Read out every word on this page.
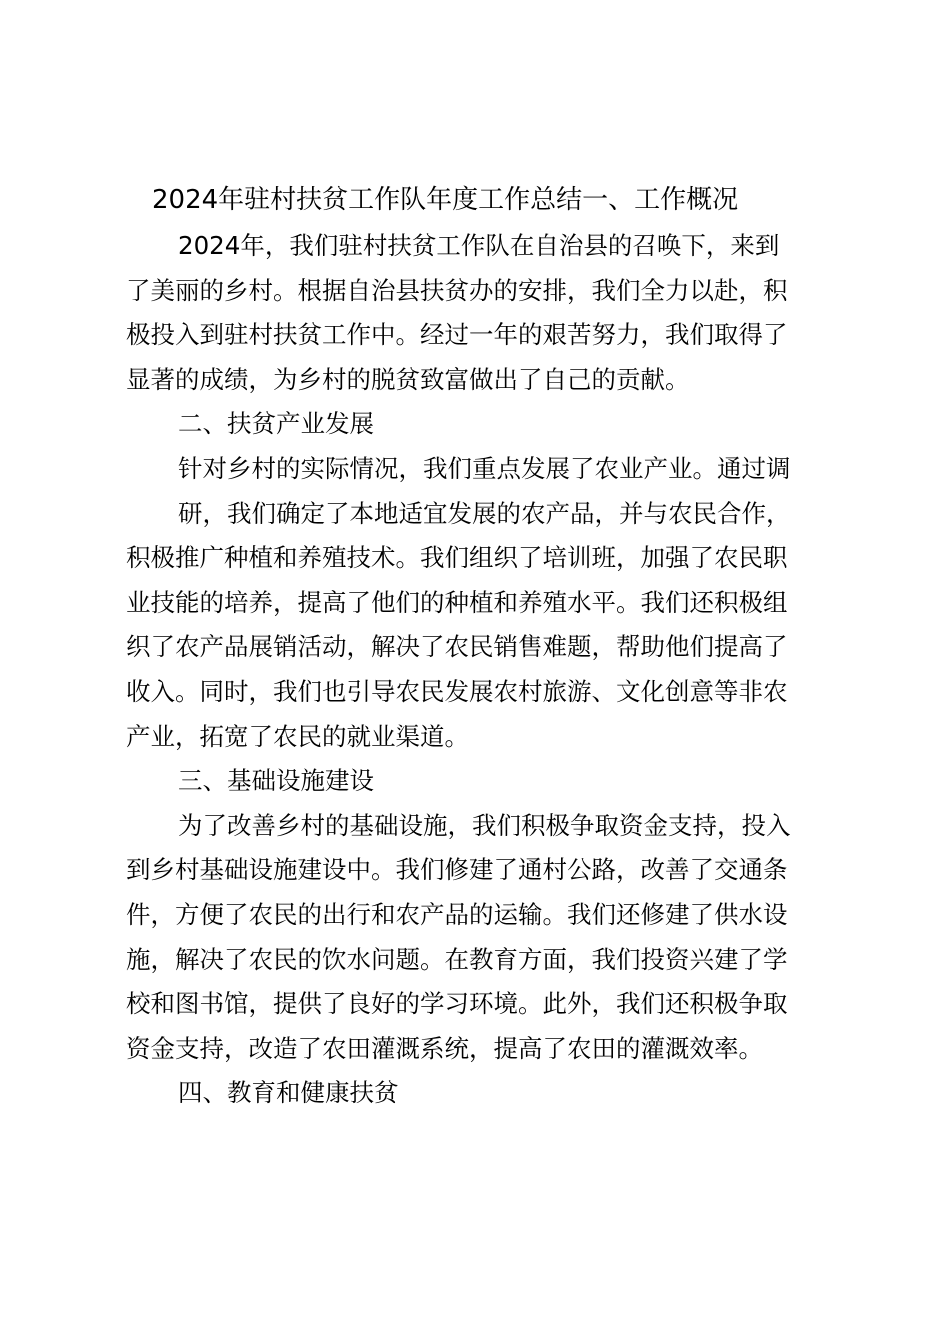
2024年驻村扶贫工作队年度工作总结一、工作概况

2024年，我们驻村扶贫工作队在自治县的召唤下，来到

了美丽的乡村。根据自治县扶贫办的安排，我们全力以赴，积

极投入到驻村扶贫工作中。经过一年的艰苦努力，我们取得了

显著的成绩，为乡村的脱贫致富做出了自己的贡献。

二、扶贫产业发展

针对乡村的实际情况，我们重点发展了农业产业。通过调

研，我们确定了本地适宜发展的农产品，并与农民合作，

积极推广种植和养殖技术。我们组织了培训班，加强了农民职

业技能的培养，提高了他们的种植和养殖水平。我们还积极组

织了农产品展销活动，解决了农民销售难题，帮助他们提高了

收入。同时，我们也引导农民发展农村旅游、文化创意等非农

产业，拓宽了农民的就业渠道。

三、基础设施建设

为了改善乡村的基础设施，我们积极争取资金支持，投入

到乡村基础设施建设中。我们修建了通村公路，改善了交通条

件，方便了农民的出行和农产品的运输。我们还修建了供水设

施，解决了农民的饮水问题。在教育方面，我们投资兴建了学

校和图书馆，提供了良好的学习环境。此外，我们还积极争取

资金支持，改造了农田灌溉系统，提高了农田的灌溉效率。

四、教育和健康扶贫
